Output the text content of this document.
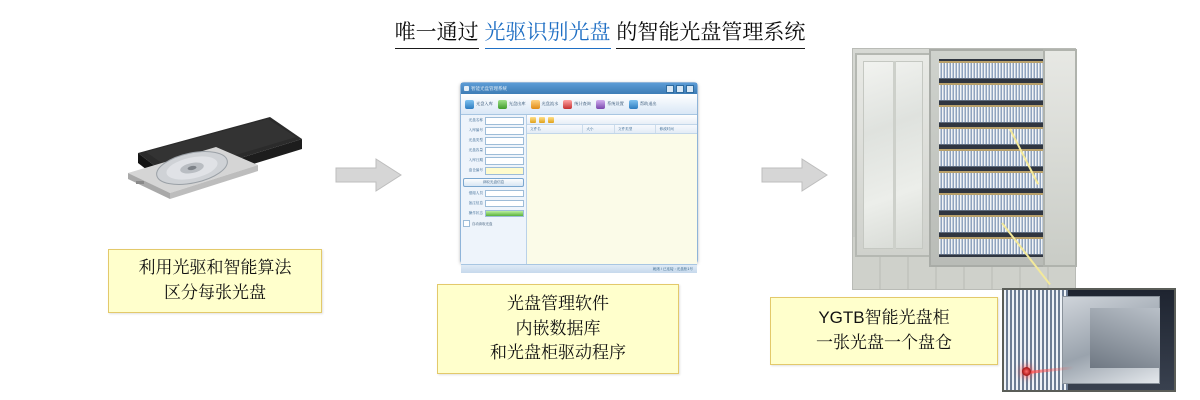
唯一通过 光驱识别光盘 的智能光盘管理系统
智能光盘管理系统
光盘入库	光盘出库	光盘流水	统计查询	系统设置	帮助退出
光盘名称
入库编号
光盘类型
光盘容量
入库日期
盘仓编号
读取光盘信息
借阅人员
备注信息
操作状态
自动读取光盘
文件名	大小	文件类型	修改时间
就绪 / 已连接 : 光盘柜1号
利用光驱和智能算法
区分每张光盘
光盘管理软件
内嵌数据库
和光盘柜驱动程序
YGTB智能光盘柜
一张光盘一个盘仓
